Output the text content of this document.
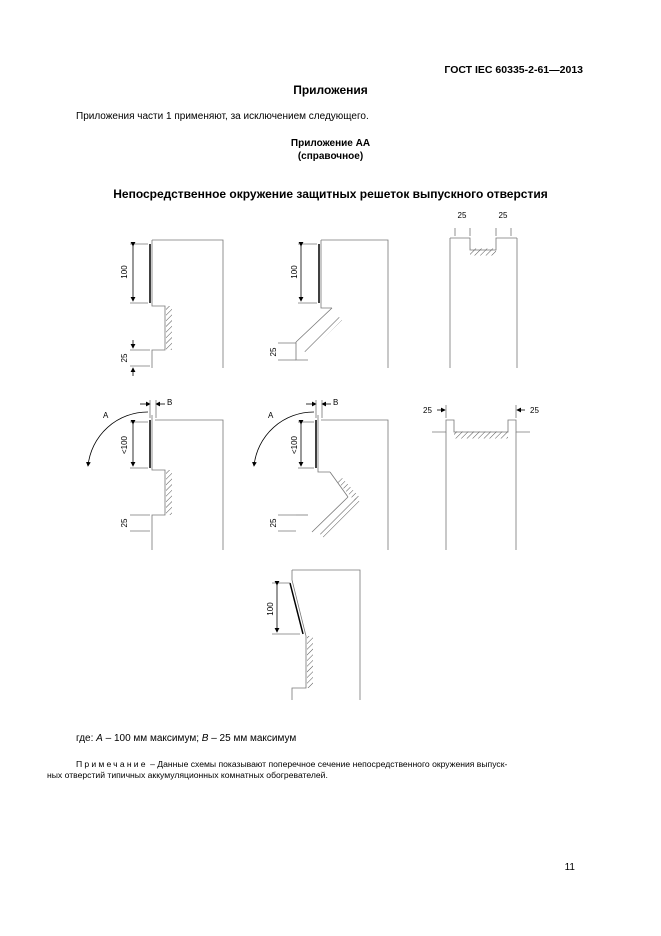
ГОСТ IEC 60335-2-61—2013
Приложения
Приложения части 1 применяют, за исключением следующего.
Приложение АА
(справочное)
Непосредственное окружение защитных решеток выпускного отверстия
100
25
100
25
25	25
A
B
<100
25
A
B
<100
25
25	25
100
где: A – 100 мм максимум; B – 25 мм максимум
Примечание – Данные схемы показывают поперечное сечение непосредственного окружения выпуск-
ных отверстий типичных аккумуляционных комнатных обогревателей.
11
